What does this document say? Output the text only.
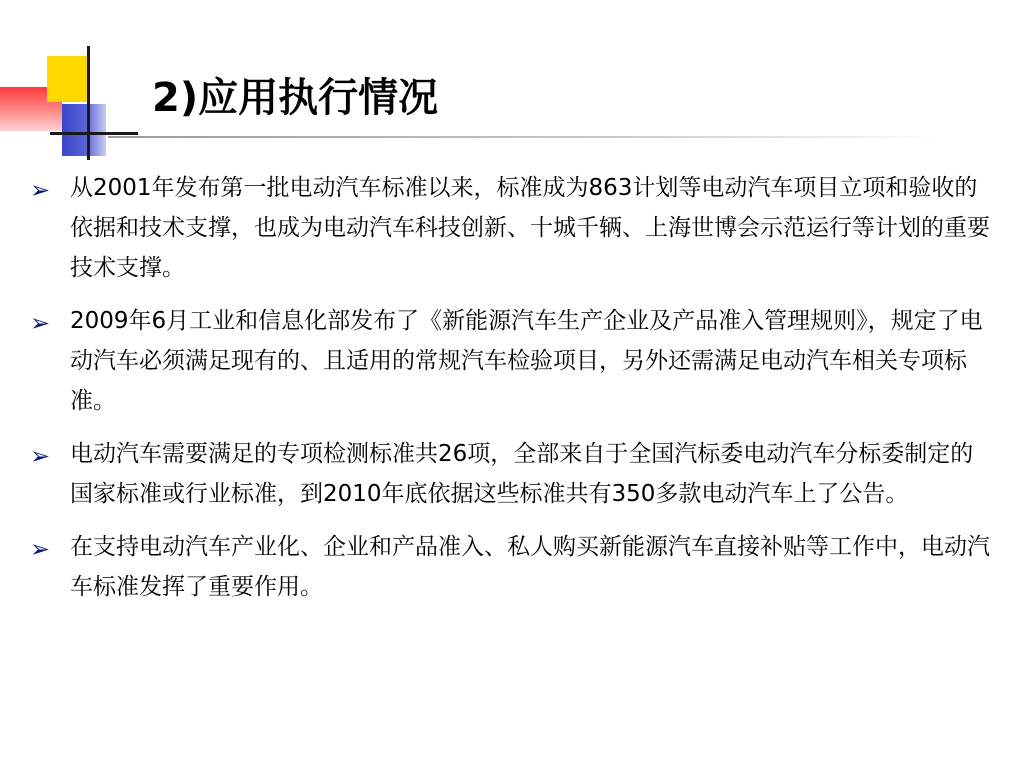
2)应用执行情况
➢ 从2001年发布第一批电动汽车标准以来，标准成为863计划等电动汽车项目立项和验收的依据和技术支撑，也成为电动汽车科技创新、十城千辆、上海世博会示范运行等计划的重要技术支撑。
➢ 2009年6月工业和信息化部发布了《新能源汽车生产企业及产品准入管理规则》，规定了电动汽车必须满足现有的、且适用的常规汽车检验项目，另外还需满足电动汽车相关专项标准。
➢ 电动汽车需要满足的专项检测标准共26项，全部来自于全国汽标委电动汽车分标委制定的国家标准或行业标准，到2010年底依据这些标准共有350多款电动汽车上了公告。
➢ 在支持电动汽车产业化、企业和产品准入、私人购买新能源汽车直接补贴等工作中，电动汽车标准发挥了重要作用。
